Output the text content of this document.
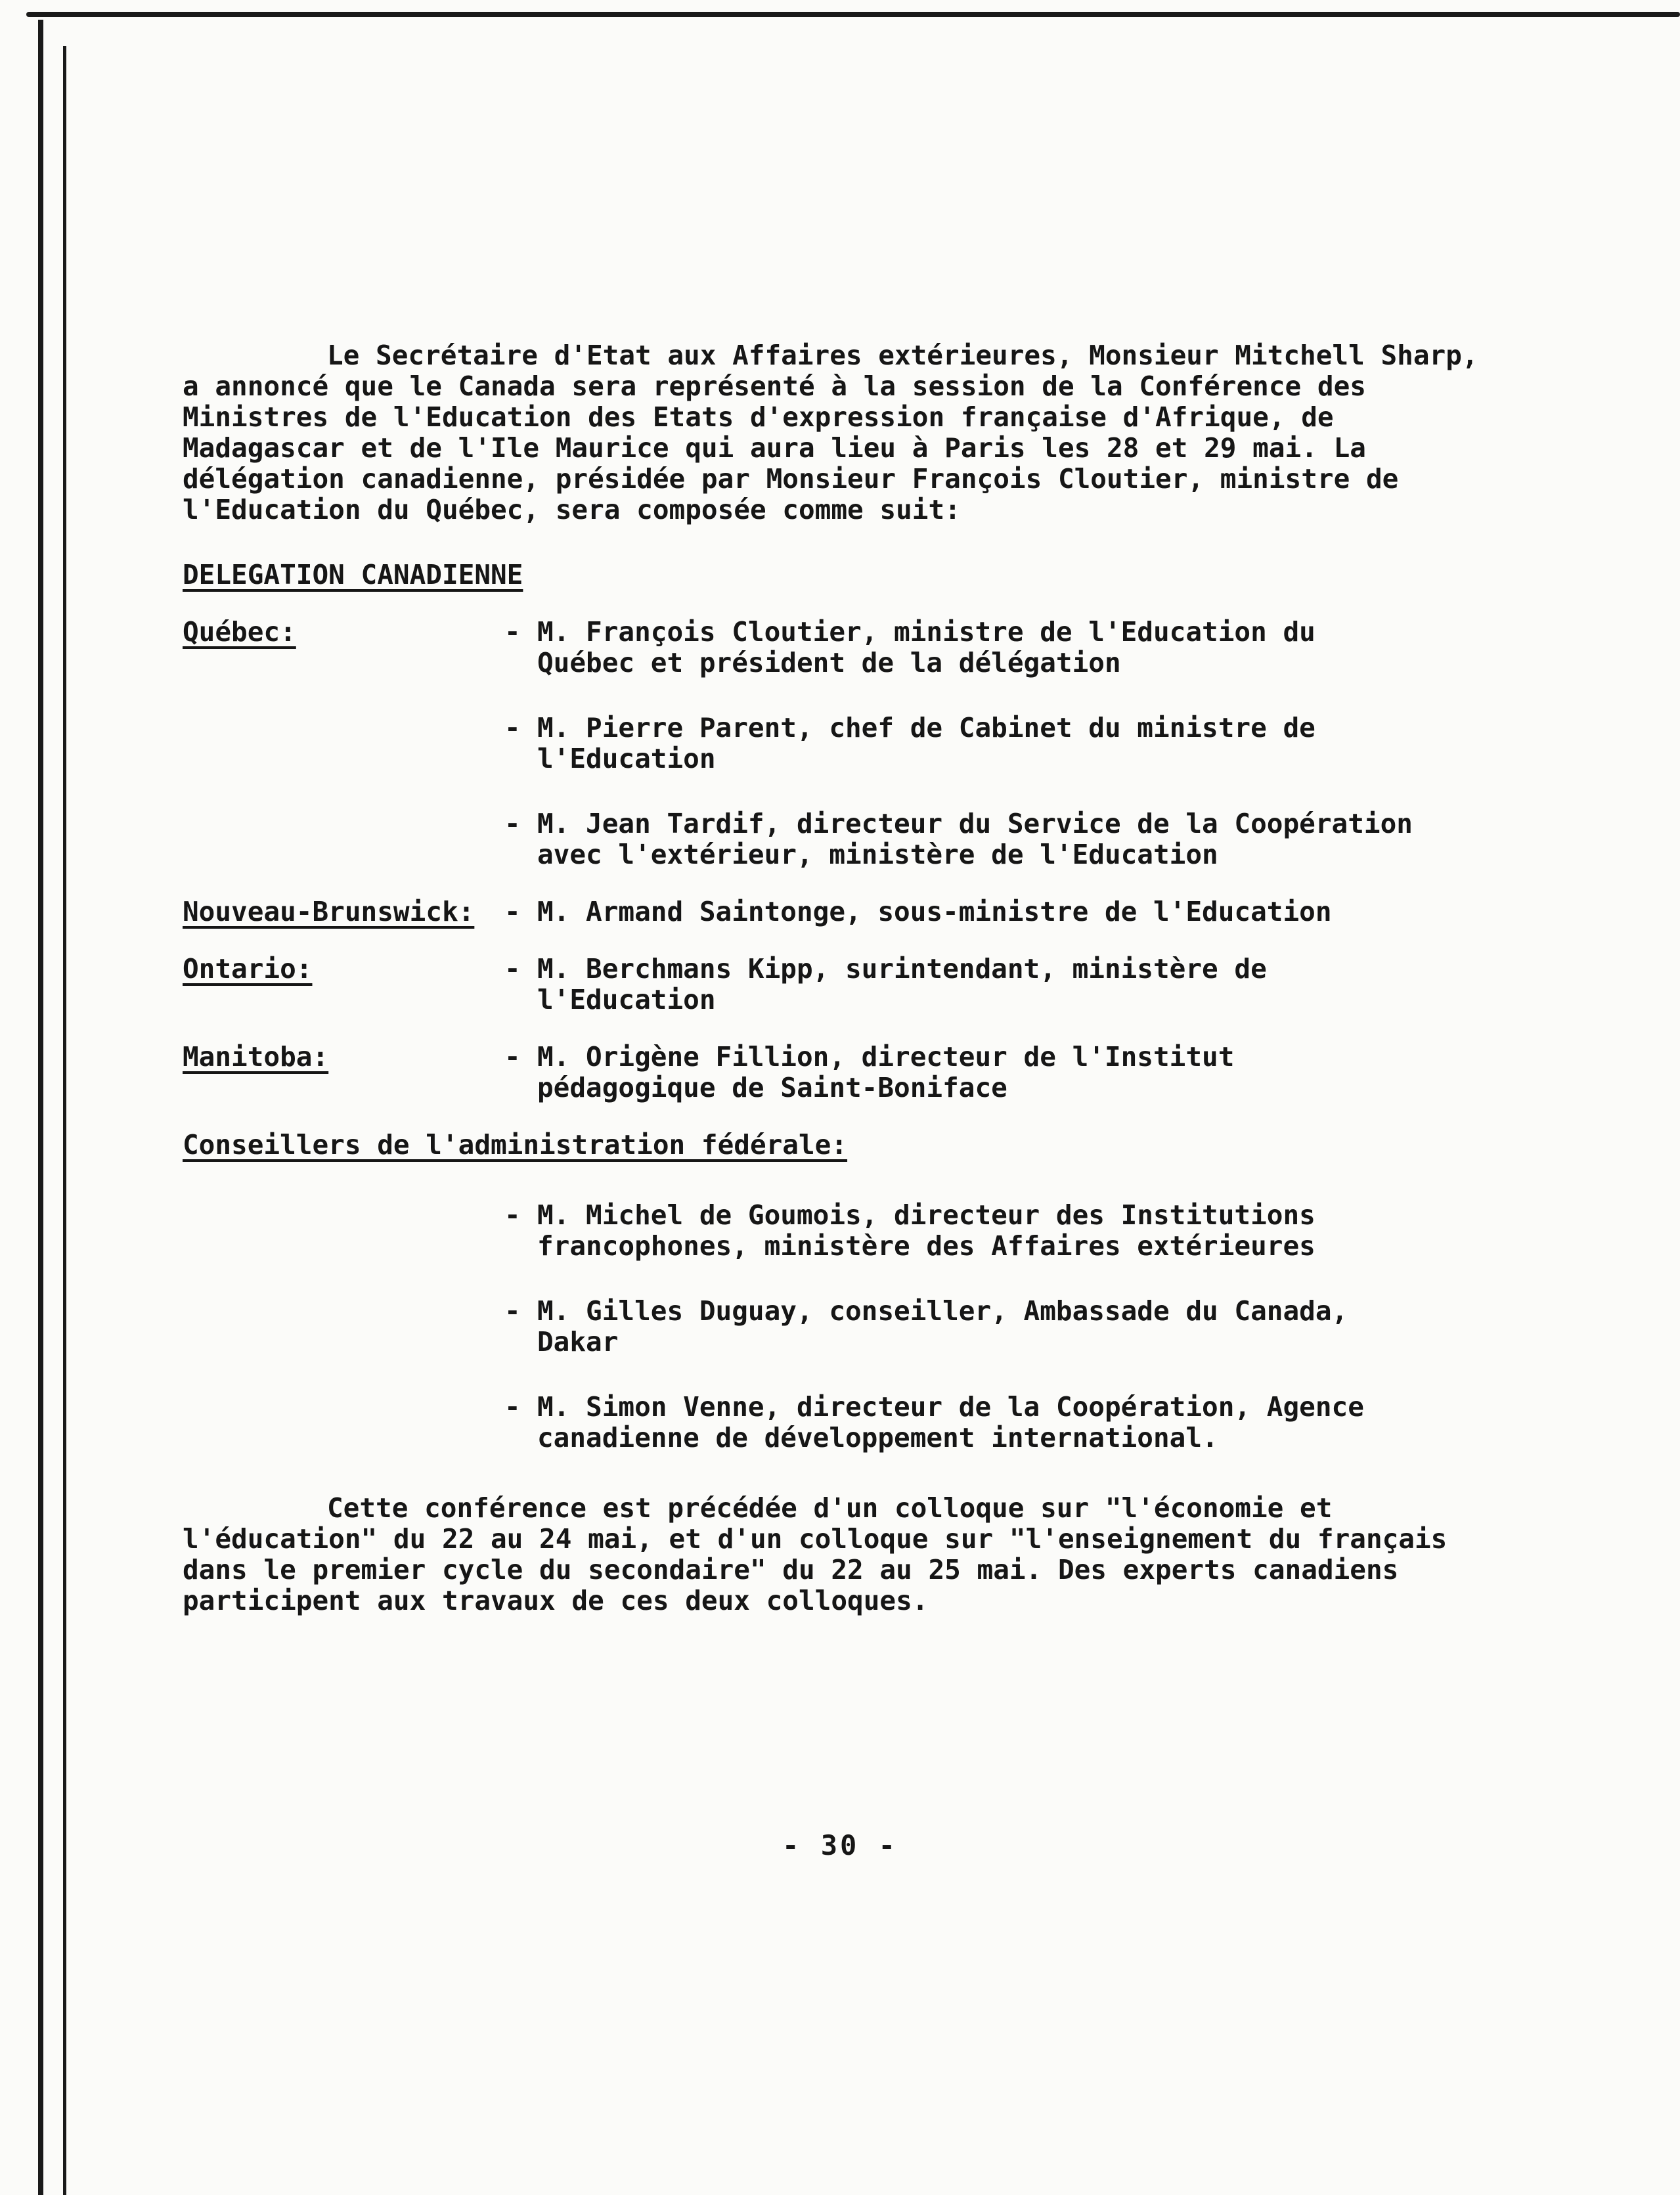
Le Secrétaire d'Etat aux Affaires extérieures, Monsieur Mitchell Sharp, a annoncé que le Canada sera représenté à la session de la Conférence des Ministres de l'Education des Etats d'expression française d'Afrique, de Madagascar et de l'Ile Maurice qui aura lieu à Paris les 28 et 29 mai. La délégation canadienne, présidée par Monsieur François Cloutier, ministre de l'Education du Québec, sera composée comme suit:

DELEGATION CANADIENNE
Québec:	- M. François Cloutier, ministre de l'Education du Québec et président de la délégation
- M. Pierre Parent, chef de Cabinet du ministre de l'Education
- M. Jean Tardif, directeur du Service de la Coopération avec l'extérieur, ministère de l'Education
Nouveau-Brunswick:	- M. Armand Saintonge, sous-ministre de l'Education
Ontario:	- M. Berchmans Kipp, surintendant, ministère de l'Education
Manitoba:	- M. Origène Fillion, directeur de l'Institut pédagogique de Saint-Boniface
Conseillers de l'administration fédérale:
- M. Michel de Goumois, directeur des Institutions francophones, ministère des Affaires extérieures
- M. Gilles Duguay, conseiller, Ambassade du Canada, Dakar
- M. Simon Venne, directeur de la Coopération, Agence canadienne de développement international.

Cette conférence est précédée d'un colloque sur "l'économie et l'éducation" du 22 au 24 mai, et d'un colloque sur "l'enseignement du français dans le premier cycle du secondaire" du 22 au 25 mai. Des experts canadiens participent aux travaux de ces deux colloques.

- 30 -
